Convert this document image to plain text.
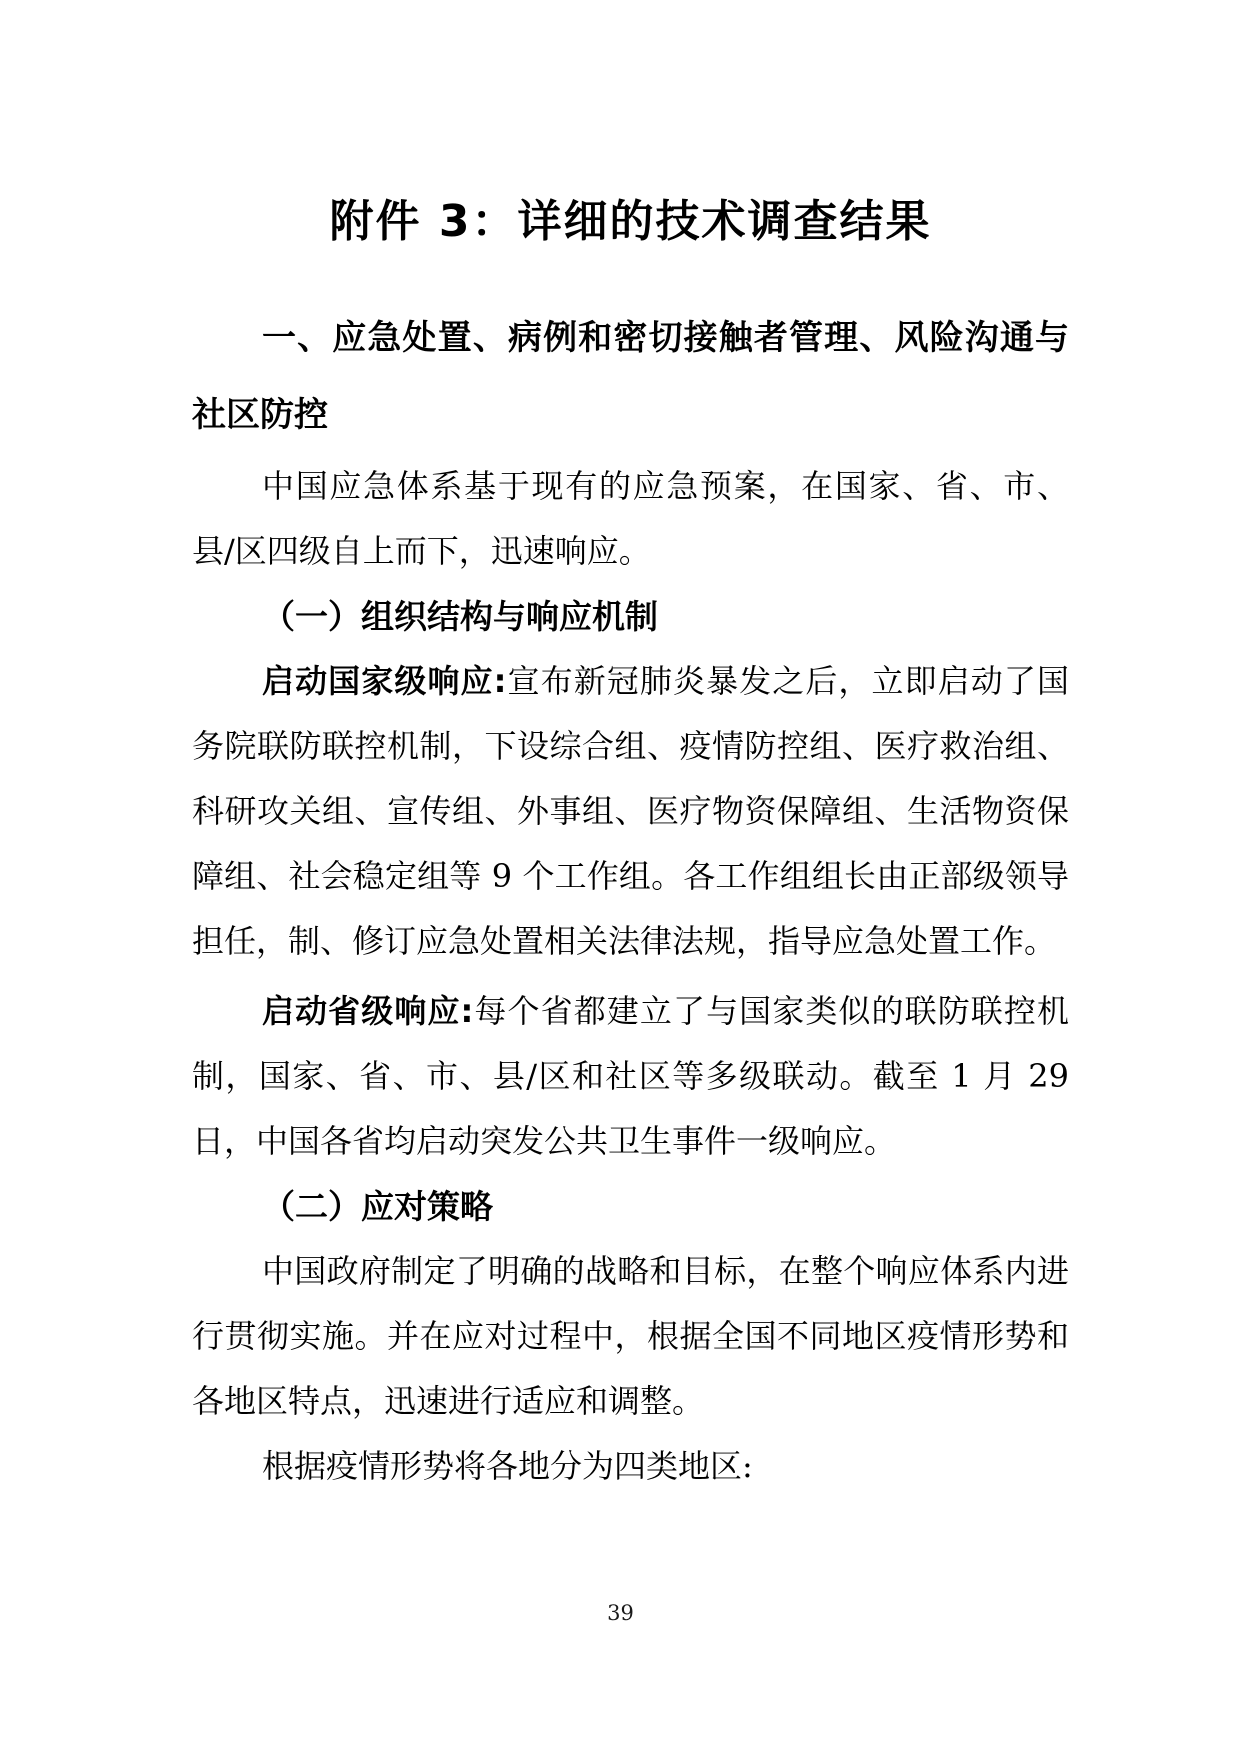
附件 3：详细的技术调查结果
一、应急处置、病例和密切接触者管理、风险沟通与社区防控

中国应急体系基于现有的应急预案，在国家、省、市、县/区四级自上而下，迅速响应。

（一）组织结构与响应机制

启动国家级响应:宣布新冠肺炎暴发之后，立即启动了国务院联防联控机制，下设综合组、疫情防控组、医疗救治组、科研攻关组、宣传组、外事组、医疗物资保障组、生活物资保障组、社会稳定组等 9 个工作组。各工作组组长由正部级领导担任，制、修订应急处置相关法律法规，指导应急处置工作。

启动省级响应:每个省都建立了与国家类似的联防联控机制，国家、省、市、县/区和社区等多级联动。截至 1 月 29 日，中国各省均启动突发公共卫生事件一级响应。

（二）应对策略

中国政府制定了明确的战略和目标，在整个响应体系内进行贯彻实施。并在应对过程中，根据全国不同地区疫情形势和各地区特点，迅速进行适应和调整。

根据疫情形势将各地分为四类地区:

39
